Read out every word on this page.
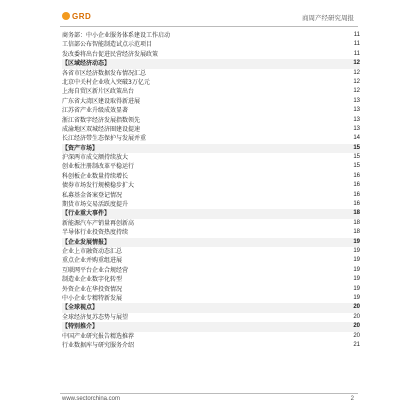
GRD	商周产经研究周报
商务部：中小企业服务体系建设工作启动	11
工信部公布智能制造试点示范项目	11
发改委将出台促进民营经济发展政策	11
【区域经济动态】	12
各省市区经济数据发布情况汇总	12
北京中关村企业收入突破3万亿元	12
上海自贸区新片区政策出台	12
广东省大湾区建设取得新进展	13
江苏省产业升级成效显著	13
浙江省数字经济发展指数领先	13
成渝地区双城经济圈建设提速	13
长江经济带生态保护与发展并重	14
【资产市场】	15
沪深两市成交额持续放大	15
创业板注册制改革平稳运行	15
科创板企业数量持续增长	16
债券市场发行规模稳步扩大	16
私募基金备案登记情况	16
期货市场交易活跃度提升	16
【行业重大事件】	18
新能源汽车产销量再创新高	18
半导体行业投资热度持续	18
【企业发展情报】	19
企业上市融资动态汇总	19
重点企业并购重组进展	19
互联网平台企业合规经营	19
制造业企业数字化转型	19
外资企业在华投资情况	19
中小企业专精特新发展	19
【全球视点】	20
全球经济复苏态势与展望	20
【特别推介】	20
中国产业研究报告精选推荐	20
行业数据库与研究服务介绍	21
www.sectorchina.com	2
